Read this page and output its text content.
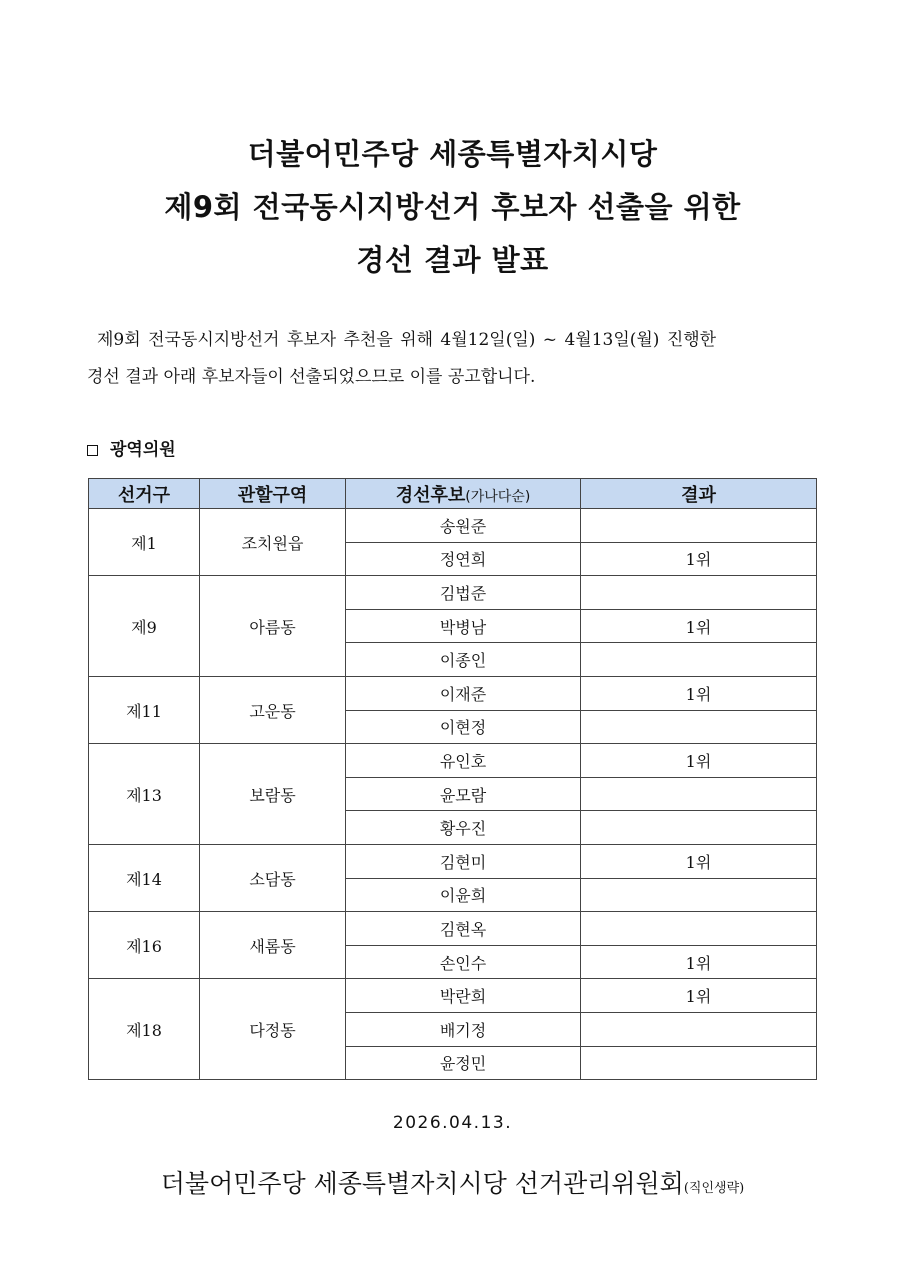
더불어민주당 세종특별자치시당
제9회 전국동시지방선거 후보자 선출을 위한
경선 결과 발표
제9회 전국동시지방선거 후보자 추천을 위해 4월12일(일) ~ 4월13일(월) 진행한
경선 결과 아래 후보자들이 선출되었으므로 이를 공고합니다.
광역의원
선거구	관할구역	경선후보(가나다순)	결과
제1	조치원읍	송원준	
		정연희	1위
제9	아름동	김법준	
		박병남	1위
		이종인	
제11	고운동	이재준	1위
		이현정	
제13	보람동	유인호	1위
		윤모람	
		황우진	
제14	소담동	김현미	1위
		이윤희	
제16	새롬동	김현옥	
		손인수	1위
제18	다정동	박란희	1위
		배기정	
		윤정민	
2026.04.13.
더불어민주당 세종특별자치시당 선거관리위원회(직인생략)
